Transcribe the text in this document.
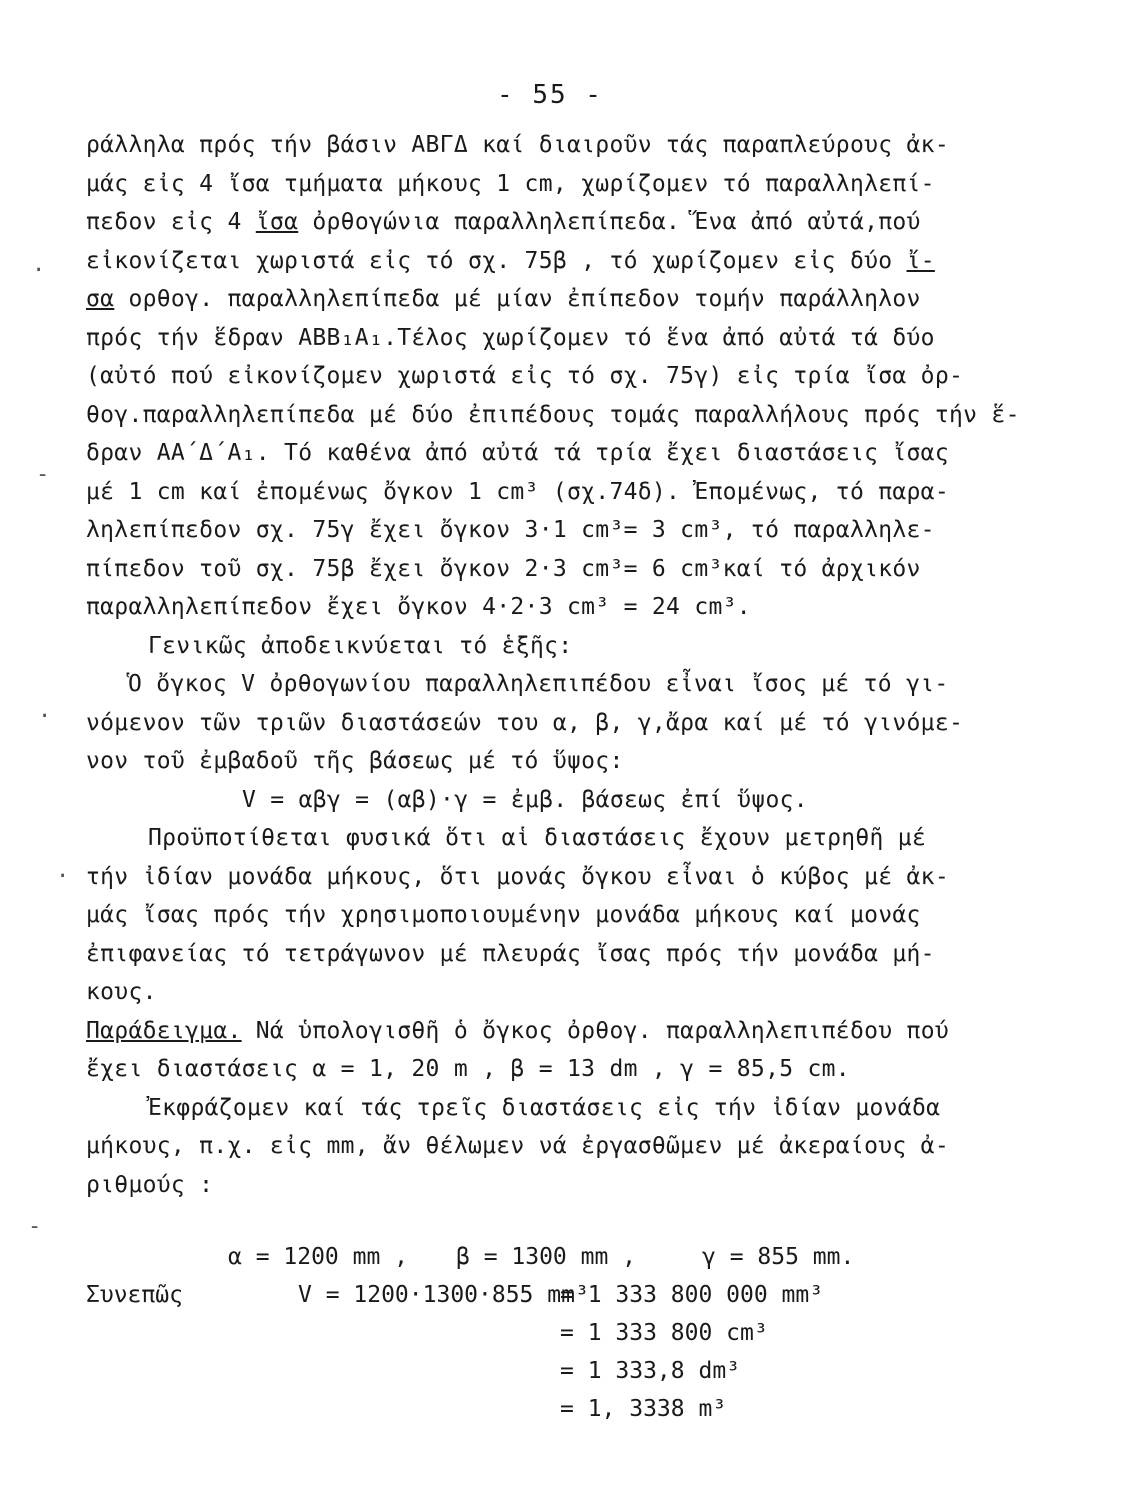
- 55 -
ράλληλα πρός τήν βάσιν ΑΒΓΔ καί διαιροῦν τάς παραπλεύρους ἀκ-
μάς εἰς 4 ἴσα τμήματα μήκους 1 cm, χωρίζομεν τό παραλληλεπί-
πεδον εἰς 4 ἴσα ὀρθογώνια παραλληλεπίπεδα. Ἕνα ἀπό αὐτά,πού
εἰκονίζεται χωριστά εἰς τό σχ. 75β , τό χωρίζομεν εἰς δύο ἴ-
σα ορθογ. παραλληλεπίπεδα μέ μίαν ἐπίπεδον τομήν παράλληλον
πρός τήν ἕδραν ΑΒΒ₁Α₁.Τέλος χωρίζομεν τό ἕνα ἀπό αὐτά τά δύο
(αὐτό πού εἰκονίζομεν χωριστά εἰς τό σχ. 75γ) εἰς τρία ἴσα ὀρ-
θογ.παραλληλεπίπεδα μέ δύο ἐπιπέδους τομάς παραλλήλους πρός τήν ἕ-
δραν ΑΑ΄Δ΄Α₁. Τό καθένα ἀπό αὐτά τά τρία ἔχει διαστάσεις ἴσας
μέ 1 cm καί ἐπομένως ὄγκον 1 cm³ (σχ.74δ). Ἐπομένως, τό παρα-
ληλεπίπεδον σχ. 75γ ἔχει ὄγκον 3·1 cm³= 3 cm³, τό παραλληλε-
πίπεδον τοῦ σχ. 75β ἔχει ὄγκον 2·3 cm³= 6 cm³καί τό ἀρχικόν
παραλληλεπίπεδον ἔχει ὄγκον 4·2·3 cm³ = 24 cm³.
Γενικῶς ἀποδεικνύεται τό ἑξῆς:
Ὁ ὄγκος V ὀρθογωνίου παραλληλεπιπέδου εἶναι ἴσος μέ τό γι-
νόμενον τῶν τριῶν διαστάσεών του α, β, γ,ἄρα καί μέ τό γινόμε-
νον τοῦ ἐμβαδοῦ τῆς βάσεως μέ τό ὕψος:
V = αβγ = (αβ)·γ = ἐμβ. βάσεως ἐπί ὕψος.
Προϋποτίθεται φυσικά ὅτι αἱ διαστάσεις ἔχουν μετρηθῆ μέ
τήν ἰδίαν μονάδα μήκους, ὅτι μονάς ὄγκου εἶναι ὁ κύβος μέ ἀκ-
μάς ἴσας πρός τήν χρησιμοποιουμένην μονάδα μήκους καί μονάς
ἐπιφανείας τό τετράγωνον μέ πλευράς ἴσας πρός τήν μονάδα μή-
κους.
Παράδειγμα. Νά ὑπολογισθῆ ὁ ὄγκος ὀρθογ. παραλληλεπιπέδου πού
ἔχει διαστάσεις α = 1, 20 m , β = 13 dm , γ = 85,5 cm.
Ἐκφράζομεν καί τάς τρεῖς διαστάσεις εἰς τήν ἰδίαν μονάδα
μήκους, π.χ. εἰς mm, ἄν θέλωμεν νά ἐργασθῶμεν μέ ἀκεραίους ἀ-
ριθμούς :
α = 1200 mm , β = 1300 mm ,	γ = 855 mm.
Συνεπῶς	V = 1200·1300·855 mm³
= 1 333 800 000 mm³
= 1 333 800 cm³
= 1 333,8 dm³
= 1, 3338 m³
·
-
·
·
-
